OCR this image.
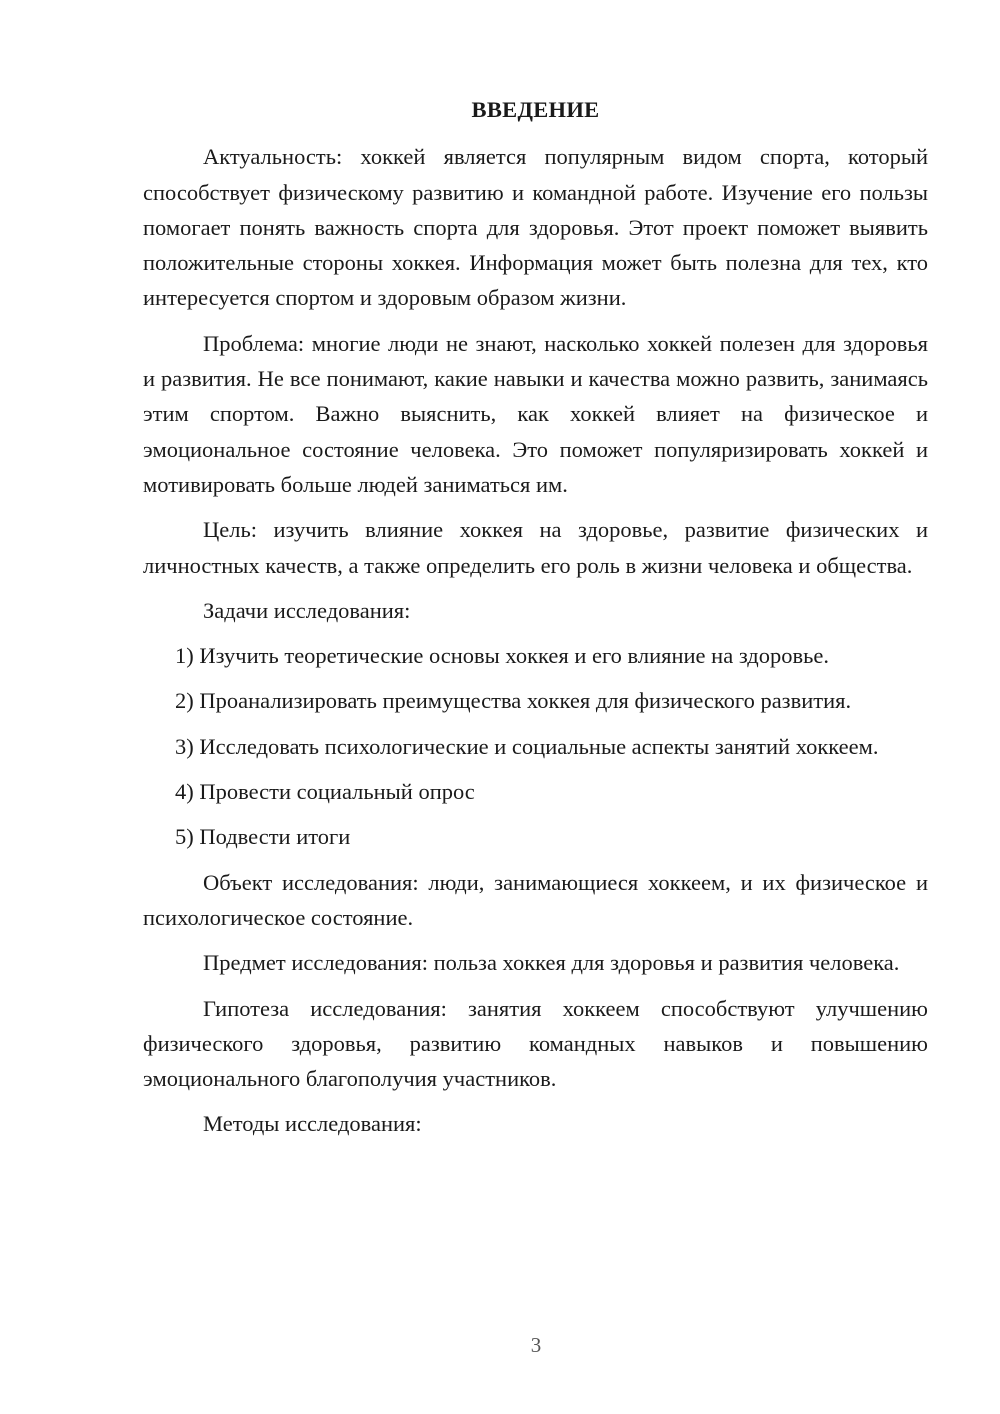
ВВЕДЕНИЕ

Актуальность: хоккей является популярным видом спорта, который способствует физическому развитию и командной работе. Изучение его пользы помогает понять важность спорта для здоровья. Этот проект поможет выявить положительные стороны хоккея. Информация может быть полезна для тех, кто интересуется спортом и здоровым образом жизни.

Проблема: многие люди не знают, насколько хоккей полезен для здоровья и развития. Не все понимают, какие навыки и качества можно развить, занимаясь этим спортом. Важно выяснить, как хоккей влияет на физическое и эмоциональное состояние человека. Это поможет популяризировать хоккей и мотивировать больше людей заниматься им.

Цель: изучить влияние хоккея на здоровье, развитие физических и личностных качеств, а также определить его роль в жизни человека и общества.

Задачи исследования:

1) Изучить теоретические основы хоккея и его влияние на здоровье.

2) Проанализировать преимущества хоккея для физического развития.

3) Исследовать психологические и социальные аспекты занятий хоккеем.

4) Провести социальный опрос

5) Подвести итоги

Объект исследования: люди, занимающиеся хоккеем, и их физическое и психологическое состояние.

Предмет исследования: польза хоккея для здоровья и развития человека.

Гипотеза исследования: занятия хоккеем способствуют улучшению физического здоровья, развитию командных навыков и повышению эмоционального благополучия участников.

Методы исследования:

3
